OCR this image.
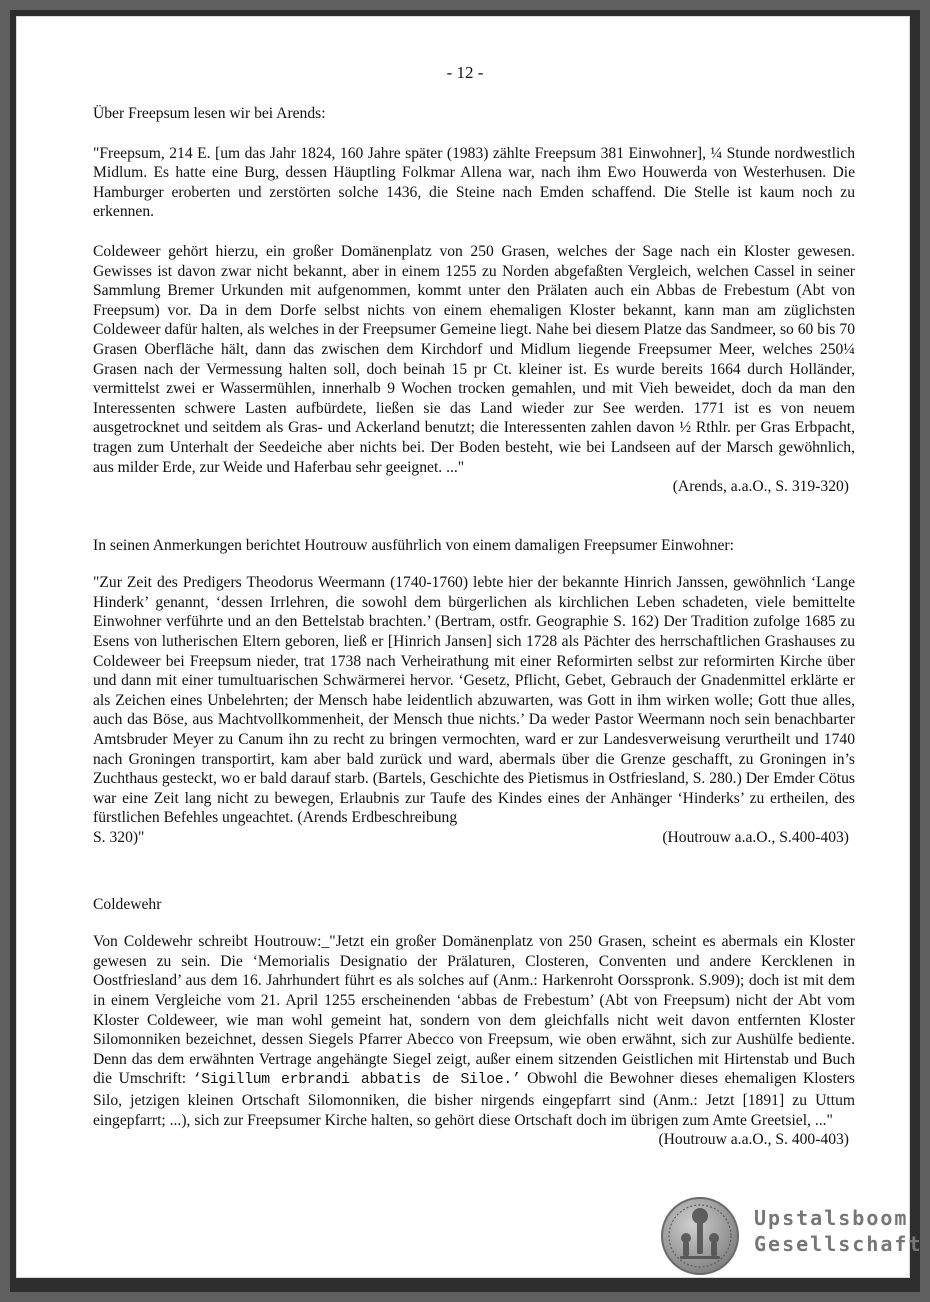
- 12 -

Über Freepsum lesen wir bei Arends:

"Freepsum, 214 E. [um das Jahr 1824, 160 Jahre später (1983) zählte Freepsum 381 Einwohner], ¼ Stunde nordwestlich Midlum. Es hatte eine Burg, dessen Häuptling Folkmar Allena war, nach ihm Ewo Houwerda von Westerhusen. Die Hamburger eroberten und zerstörten solche 1436, die Steine nach Emden schaffend. Die Stelle ist kaum noch zu erkennen.

Coldeweer gehört hierzu, ein großer Domänenplatz von 250 Grasen, welches der Sage nach ein Kloster gewesen. Gewisses ist davon zwar nicht bekannt, aber in einem 1255 zu Norden abgefaßten Vergleich, welchen Cassel in seiner Sammlung Bremer Urkunden mit aufgenommen, kommt unter den Prälaten auch ein Abbas de Frebestum (Abt von Freepsum) vor. Da in dem Dorfe selbst nichts von einem ehemaligen Kloster bekannt, kann man am züglichsten Coldeweer dafür halten, als welches in der Freepsumer Gemeine liegt. Nahe bei diesem Platze das Sandmeer, so 60 bis 70 Grasen Oberfläche hält, dann das zwischen dem Kirchdorf und Midlum liegende Freepsumer Meer, welches 250¼ Grasen nach der Vermessung halten soll, doch beinah 15 pr Ct. kleiner ist. Es wurde bereits 1664 durch Holländer, vermittelst zwei er Wassermühlen, innerhalb 9 Wochen trocken gemahlen, und mit Vieh beweidet, doch da man den Interessenten schwere Lasten aufbürdete, ließen sie das Land wieder zur See werden. 1771 ist es von neuem ausgetrocknet und seitdem als Gras- und Ackerland benutzt; die Interessenten zahlen davon ½ Rthlr. per Gras Erbpacht, tragen zum Unterhalt der Seedeiche aber nichts bei. Der Boden besteht, wie bei Landseen auf der Marsch gewöhnlich, aus milder Erde, zur Weide und Haferbau sehr geeignet. ..."

(Arends, a.a.O., S. 319-320)

In seinen Anmerkungen berichtet Houtrouw ausführlich von einem damaligen Freepsumer Einwohner:

"Zur Zeit des Predigers Theodorus Weermann (1740-1760) lebte hier der bekannte Hinrich Janssen, gewöhnlich ‘Lange Hinderk’ genannt, ‘dessen Irrlehren, die sowohl dem bürgerlichen als kirchlichen Leben schadeten, viele bemittelte Einwohner verführte und an den Bettelstab brachten.’ (Bertram, ostfr. Geographie S. 162) Der Tradition zufolge 1685 zu Esens von lutherischen Eltern geboren, ließ er [Hinrich Jansen] sich 1728 als Pächter des herrschaftlichen Grashauses zu Coldeweer bei Freepsum nieder, trat 1738 nach Verheirathung mit einer Reformirten selbst zur reformirten Kirche über und dann mit einer tumultuarischen Schwärmerei hervor. ‘Gesetz, Pflicht, Gebet, Gebrauch der Gnadenmittel erklärte er als Zeichen eines Unbelehrten; der Mensch habe leidentlich abzuwarten, was Gott in ihm wirken wolle; Gott thue alles, auch das Böse, aus Machtvollkommenheit, der Mensch thue nichts.’ Da weder Pastor Weermann noch sein benachbarter Amtsbruder Meyer zu Canum ihn zu recht zu bringen vermochten, ward er zur Landesverweisung verurtheilt und 1740 nach Groningen transportirt, kam aber bald zurück und ward, abermals über die Grenze geschafft, zu Groningen in’s Zuchthaus gesteckt, wo er bald darauf starb. (Bartels, Geschichte des Pietismus in Ostfriesland, S. 280.) Der Emder Cötus war eine Zeit lang nicht zu bewegen, Erlaubnis zur Taufe des Kindes eines der Anhänger ‘Hinderks’ zu ertheilen, des fürstlichen Befehles ungeachtet. (Arends Erdbeschreibung

S. 320)"	(Houtrouw a.a.O., S.400-403)

Coldewehr

Von Coldewehr schreibt Houtrouw:_"Jetzt ein großer Domänenplatz von 250 Grasen, scheint es abermals ein Kloster gewesen zu sein. Die ‘Memorialis Designatio der Prälaturen, Closteren, Conventen und andere Kercklenen in Oostfriesland’ aus dem 16. Jahrhundert führt es als solches auf (Anm.: Harkenroht Oorsspronk. S.909); doch ist mit dem in einem Vergleiche vom 21. April 1255 erscheinenden ‘abbas de Frebestum’ (Abt von Freepsum) nicht der Abt vom Kloster Coldeweer, wie man wohl gemeint hat, sondern von dem gleichfalls nicht weit davon entfernten Kloster Silomonniken bezeichnet, dessen Siegels Pfarrer Abecco von Freepsum, wie oben erwähnt, sich zur Aushülfe bediente. Denn das dem erwähnten Vertrage angehängte Siegel zeigt, außer einem sitzenden Geistlichen mit Hirtenstab und Buch die Umschrift: ‘Sigillum erbrandi abbatis de Siloe.’ Obwohl die Bewohner dieses ehemaligen Klosters Silo, jetzigen kleinen Ortschaft Silomonniken, die bisher nirgends eingepfarrt sind (Anm.: Jetzt [1891] zu Uttum eingepfarrt; ...), sich zur Freepsumer Kirche halten, so gehört diese Ortschaft doch im übrigen zum Amte Greetsiel, ..."

(Houtrouw a.a.O., S. 400-403)
Upstalsboom
Gesellschaft
